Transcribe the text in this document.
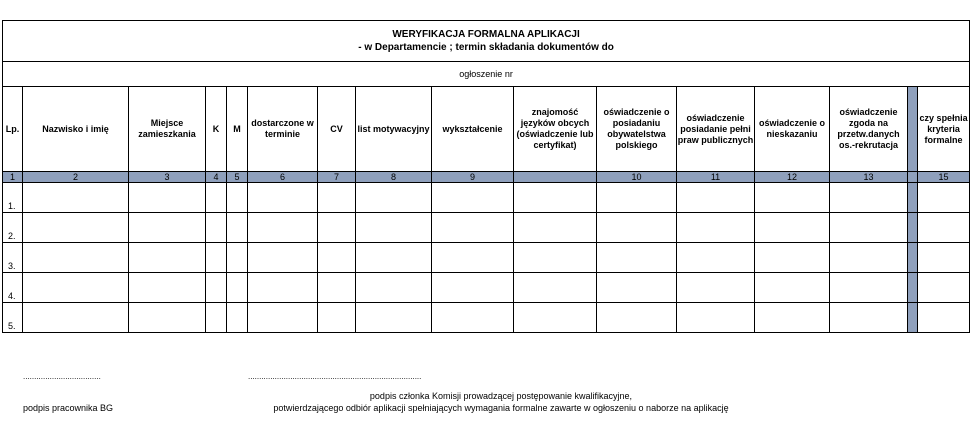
WERYFIKACJA FORMALNA APLIKACJI
- w Departamencie ; termin składania dokumentów do															

ogłoszenie nr															
Lp.	Nazwisko i imię	Miejsce zamieszkania	K	M	dostarczone w terminie	CV	list motywacyjny	wykształcenie	znajomość języków obcych (oświadczenie lub certyfikat)	oświadczenie o posiadaniu obywatelstwa polskiego	oświadczenie posiadanie pełni praw publicznych	oświadczenie o nieskazaniu	oświadczenie zgoda na przetw.danych os.-rekrutacja		czy spełnia kryteria formalne
1	2	3	4	5	6	7	8	9		10	11	12	13		15
1.															
2.															
3.															
4.															
5.															
...................................	..............................................................................
podpis pracownika BG
podpis członka Komisji prowadzącej postępowanie kwalifikacyjne,
potwierdzającego odbiór aplikacji spełniających wymagania formalne zawarte w ogłoszeniu o naborze na aplikację
